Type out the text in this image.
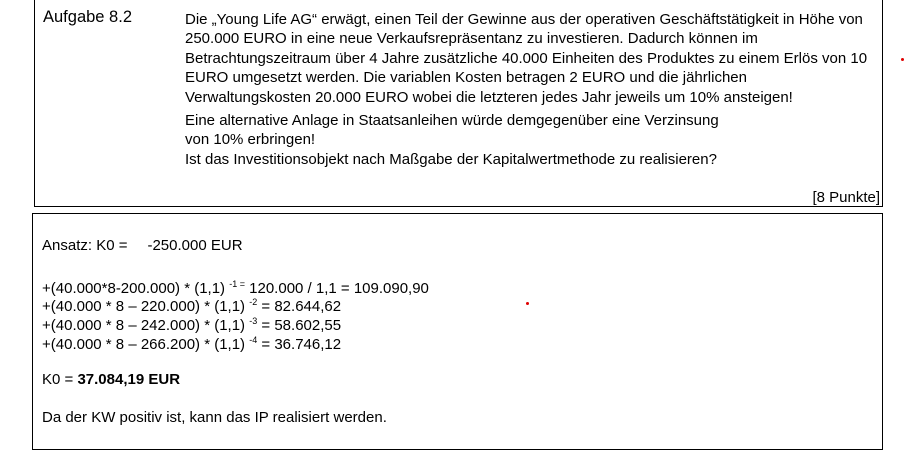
Aufgabe 8.2	Die „Young Life AG“ erwägt, einen Teil der Gewinne aus der operativen Geschäftstätigkeit in Höhe von 250.000 EURO in eine neue Verkaufsrepräsentanz zu investieren. Dadurch können im Betrachtungszeitraum über 4 Jahre zusätzliche 40.000 Einheiten des Produktes zu einem Erlös von 10 EURO umgesetzt werden. Die variablen Kosten betragen 2 EURO und die jährlichen Verwaltungskosten 20.000 EURO wobei die letzteren jedes Jahr jeweils um 10% ansteigen!

Eine alternative Anlage in Staatsanleihen würde demgegenüber eine Verzinsung
von 10% erbringen!
Ist das Investitionsobjekt nach Maßgabe der Kapitalwertmethode zu realisieren?

[8 Punkte]
Ansatz: K0 = -250.000 EUR
+(40.000*8-200.000) * (1,1) $^{-1 =}$ 120.000 / 1,1 = 109.090,90
+(40.000 * 8 – 220.000) * (1,1) $^{-2}$ = 82.644,62
+(40.000 * 8 – 242.000) * (1,1) $^{-3}$ = 58.602,55
+(40.000 * 8 – 266.200) * (1,1) $^{-4}$ = 36.746,12
K0 = 37.084,19 EUR
Da der KW positiv ist, kann das IP realisiert werden.
